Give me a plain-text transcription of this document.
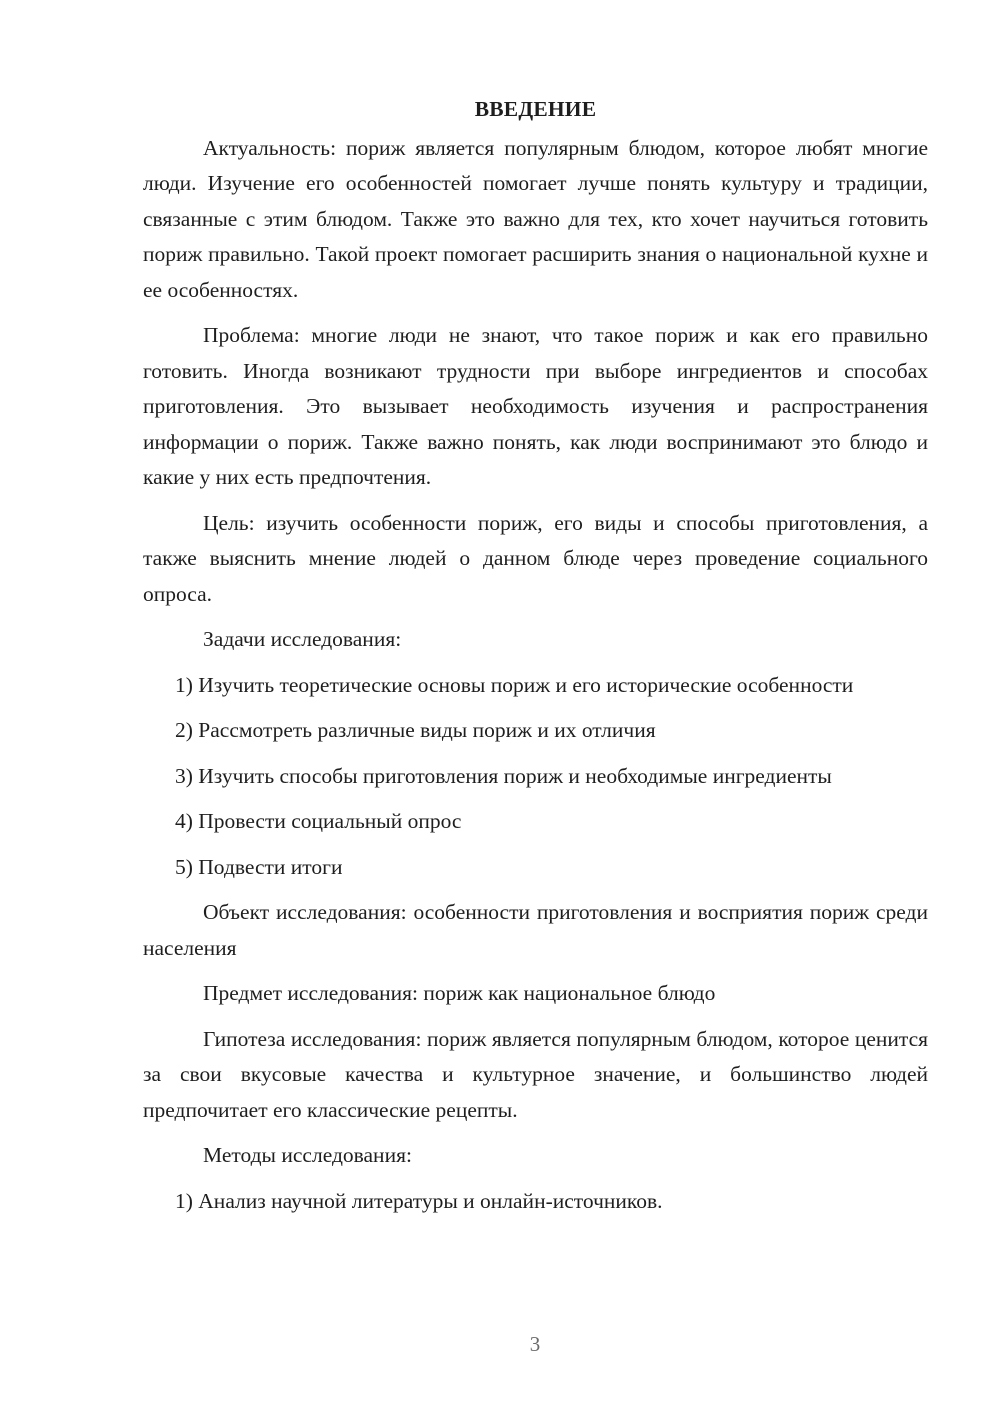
ВВЕДЕНИЕ

Актуальность: пориж является популярным блюдом, которое любят многие люди. Изучение его особенностей помогает лучше понять культуру и традиции, связанные с этим блюдом. Также это важно для тех, кто хочет научиться готовить пориж правильно. Такой проект помогает расширить знания о национальной кухне и ее особенностях.

Проблема: многие люди не знают, что такое пориж и как его правильно готовить. Иногда возникают трудности при выборе ингредиентов и способах приготовления. Это вызывает необходимость изучения и распространения информации о пориж. Также важно понять, как люди воспринимают это блюдо и какие у них есть предпочтения.

Цель: изучить особенности пориж, его виды и способы приготовления, а также выяснить мнение людей о данном блюде через проведение социального опроса.

Задачи исследования:

1) Изучить теоретические основы пориж и его исторические особенности

2) Рассмотреть различные виды пориж и их отличия

3) Изучить способы приготовления пориж и необходимые ингредиенты

4) Провести социальный опрос

5) Подвести итоги

Объект исследования: особенности приготовления и восприятия пориж среди населения

Предмет исследования: пориж как национальное блюдо

Гипотеза исследования: пориж является популярным блюдом, которое ценится за свои вкусовые качества и культурное значение, и большинство людей предпочитает его классические рецепты.

Методы исследования:

1) Анализ научной литературы и онлайн-источников.

3
